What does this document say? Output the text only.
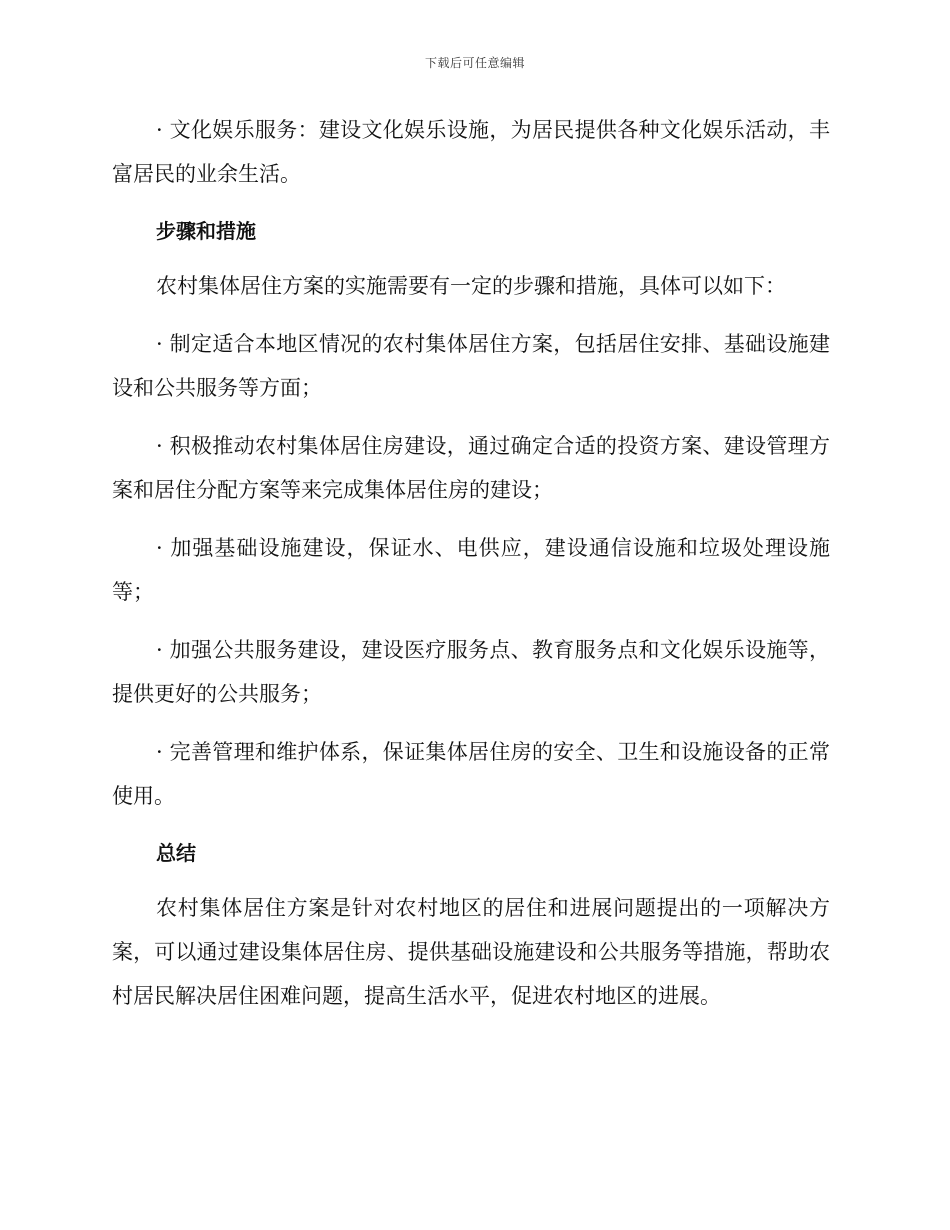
下载后可任意编辑

· 文化娱乐服务：建设文化娱乐设施，为居民提供各种文化娱乐活动，丰富居民的业余生活。

步骤和措施

农村集体居住方案的实施需要有一定的步骤和措施，具体可以如下：

· 制定适合本地区情况的农村集体居住方案，包括居住安排、基础设施建设和公共服务等方面；

· 积极推动农村集体居住房建设，通过确定合适的投资方案、建设管理方案和居住分配方案等来完成集体居住房的建设；

· 加强基础设施建设，保证水、电供应，建设通信设施和垃圾处理设施等；

· 加强公共服务建设，建设医疗服务点、教育服务点和文化娱乐设施等，提供更好的公共服务；

· 完善管理和维护体系，保证集体居住房的安全、卫生和设施设备的正常使用。

总结

农村集体居住方案是针对农村地区的居住和进展问题提出的一项解决方案，可以通过建设集体居住房、提供基础设施建设和公共服务等措施，帮助农村居民解决居住困难问题，提高生活水平，促进农村地区的进展。
